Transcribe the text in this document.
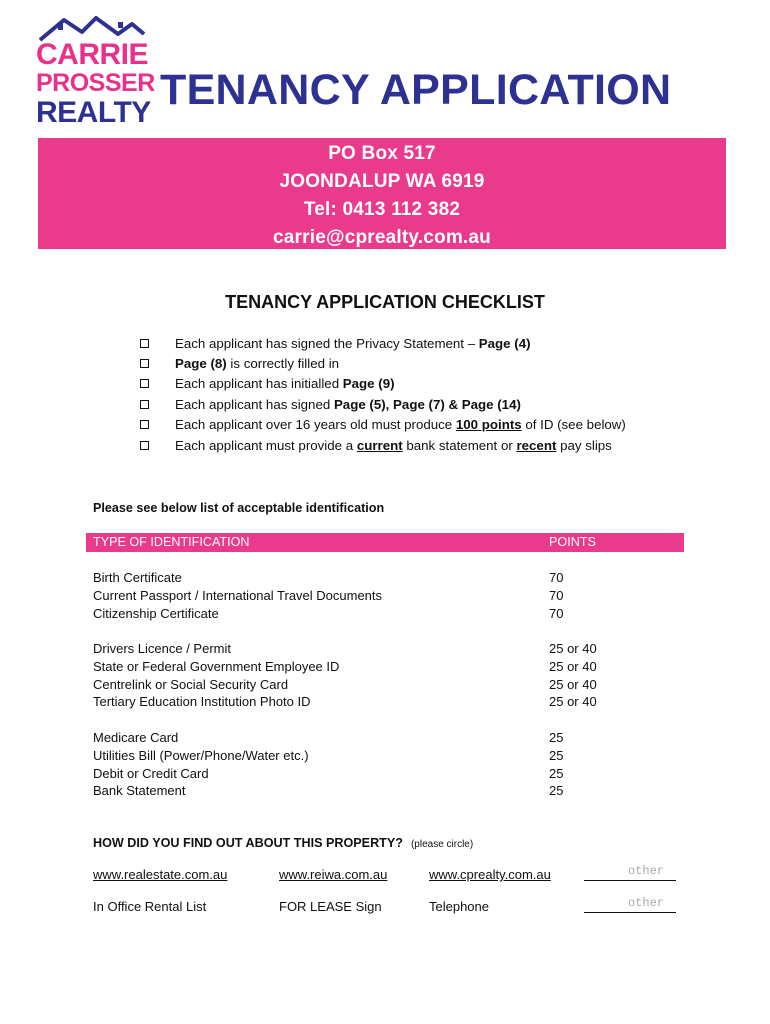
CARRIE
PROSSER
REALTY TENANCY APPLICATION
PO Box 517
JOONDALUP WA 6919
Tel: 0413 112 382
carrie@cprealty.com.au
TENANCY APPLICATION CHECKLIST
Each applicant has signed the Privacy Statement – Page (4)
Page (8) is correctly filled in
Each applicant has initialled Page (9)
Each applicant has signed Page (5), Page (7) & Page (14)
Each applicant over 16 years old must produce 100 points of ID (see below)
Each applicant must provide a current bank statement or recent pay slips
Please see below list of acceptable identification
TYPE OF IDENTIFICATION	POINTS
Birth Certificate	70
Current Passport / International Travel Documents	70
Citizenship Certificate	70
Drivers Licence / Permit	25 or 40
State or Federal Government Employee ID	25 or 40
Centrelink or Social Security Card	25 or 40
Tertiary Education Institution Photo ID	25 or 40
Medicare Card	25
Utilities Bill (Power/Phone/Water etc.)	25
Debit or Credit Card	25
Bank Statement	25
HOW DID YOU FIND OUT ABOUT THIS PROPERTY? (please circle)
www.realestate.com.au	www.reiwa.com.au	www.cprealty.com.au	other
In Office Rental List	FOR LEASE Sign	Telephone	other
